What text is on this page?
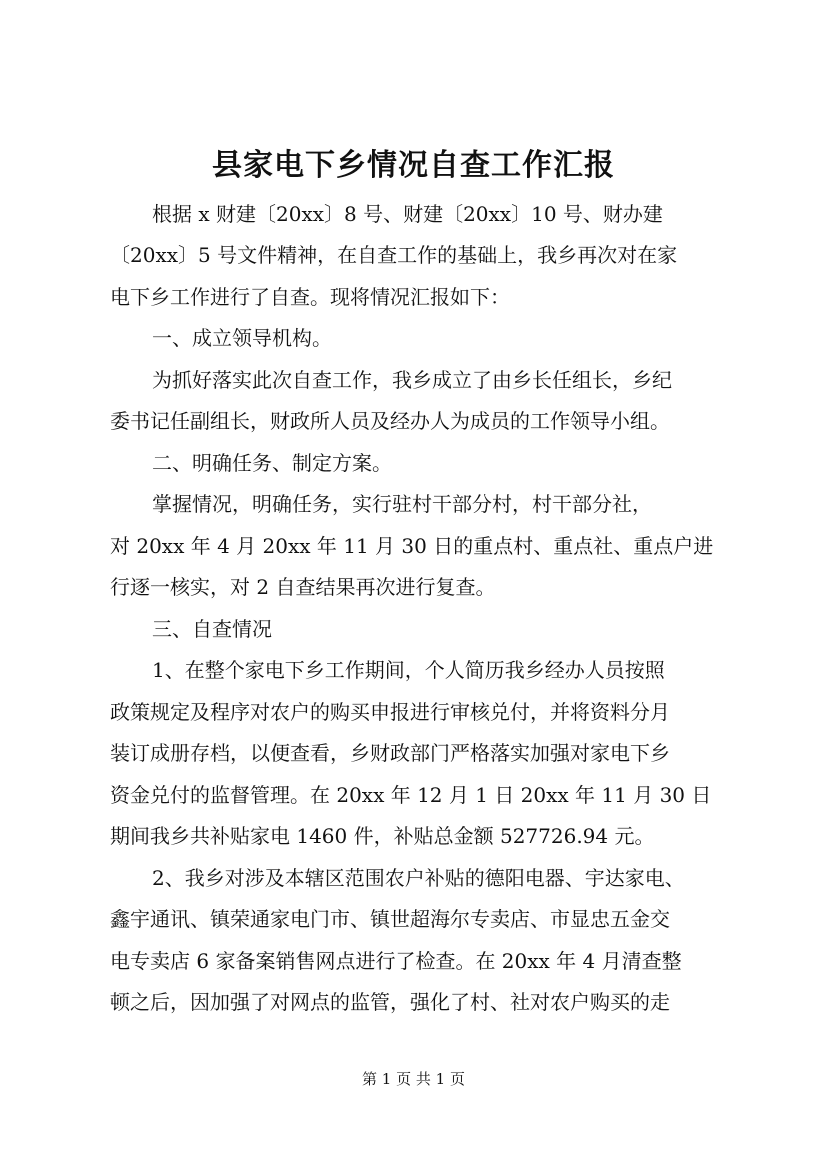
县家电下乡情况自查工作汇报

根据 x 财建〔20xx〕8 号、财建〔20xx〕10 号、财办建

〔20xx〕5 号文件精神，在自查工作的基础上，我乡再次对在家

电下乡工作进行了自查。现将情况汇报如下：

一、成立领导机构。

为抓好落实此次自查工作，我乡成立了由乡长任组长，乡纪

委书记任副组长，财政所人员及经办人为成员的工作领导小组。

二、明确任务、制定方案。

掌握情况，明确任务，实行驻村干部分村，村干部分社，

对 20xx 年 4 月 20xx 年 11 月 30 日的重点村、重点社、重点户进

行逐一核实，对 2 自查结果再次进行复查。

三、自查情况

1、在整个家电下乡工作期间，个人简历我乡经办人员按照

政策规定及程序对农户的购买申报进行审核兑付，并将资料分月

装订成册存档，以便查看，乡财政部门严格落实加强对家电下乡

资金兑付的监督管理。在 20xx 年 12 月 1 日 20xx 年 11 月 30 日

期间我乡共补贴家电 1460 件，补贴总金额 527726.94 元。

2、我乡对涉及本辖区范围农户补贴的德阳电器、宇达家电、

鑫宇通讯、镇荣通家电门市、镇世超海尔专卖店、市显忠五金交

电专卖店 6 家备案销售网点进行了检查。在 20xx 年 4 月清查整

顿之后，因加强了对网点的监管，强化了村、社对农户购买的走

第 1 页 共 1 页
